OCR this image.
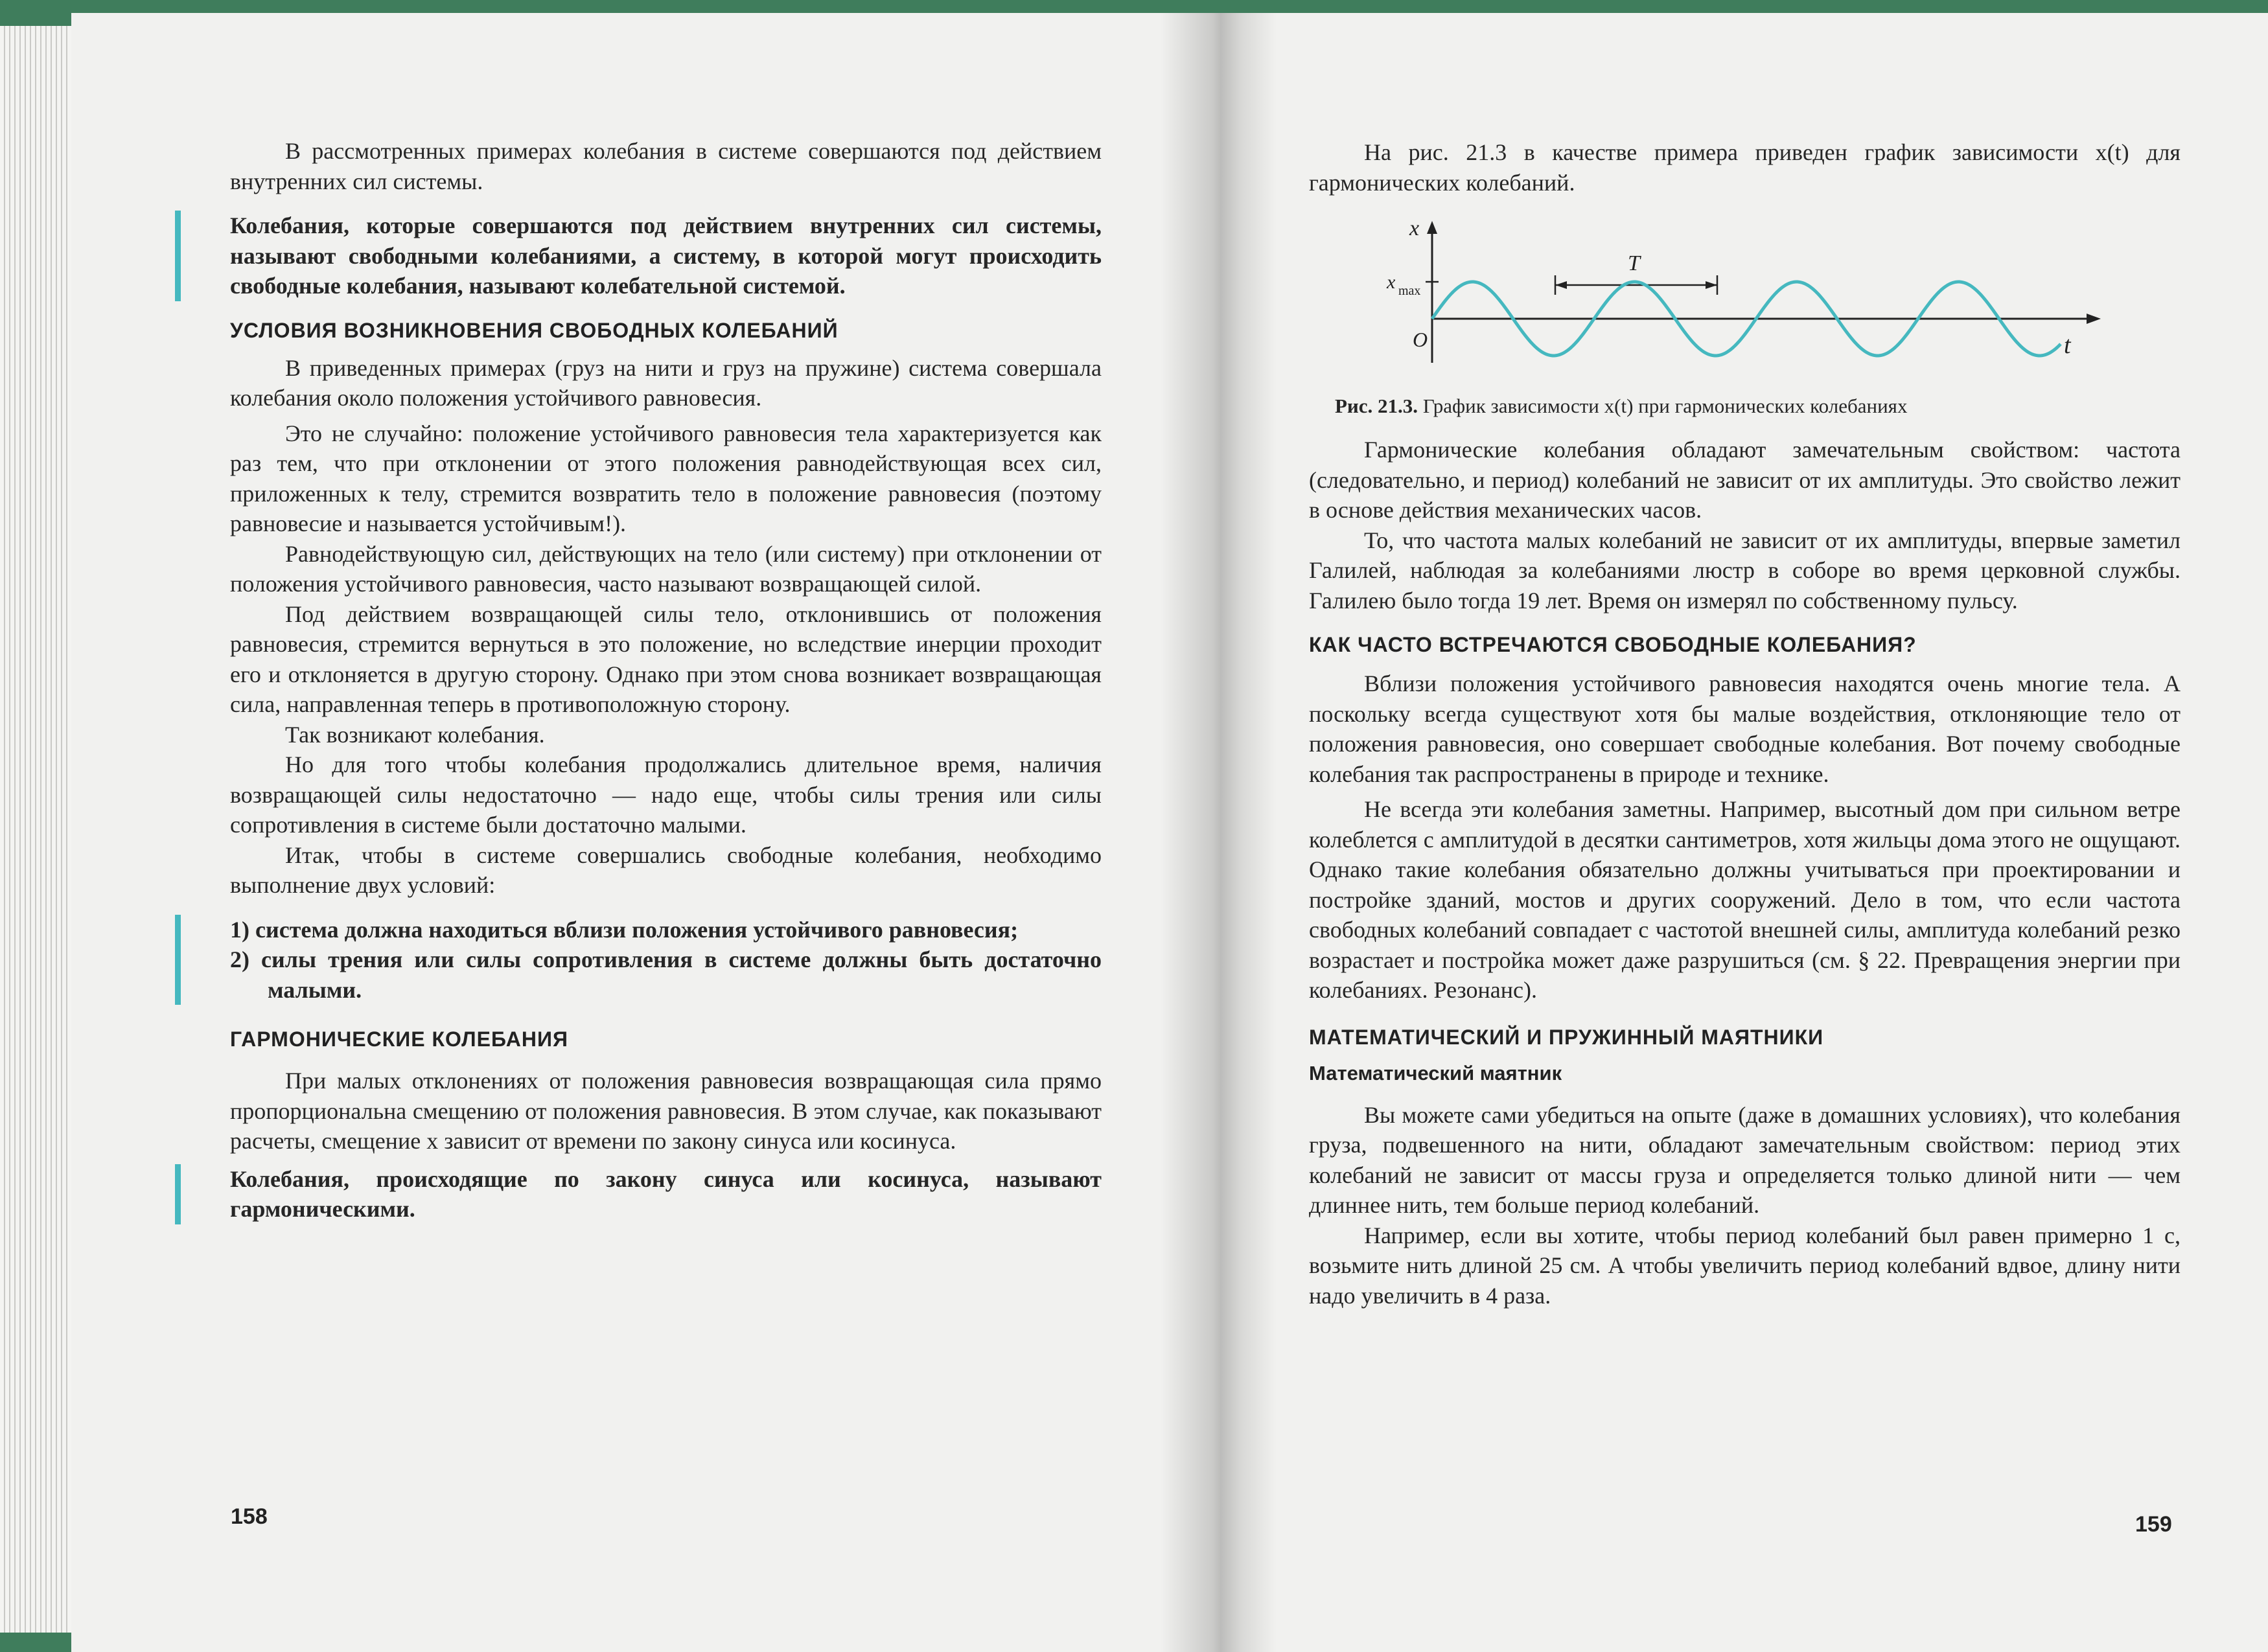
В рассмотренных примерах колебания в системе совершаются под действием внутренних сил системы.

Колебания, которые совершаются под действием внутренних сил системы, называют свободными колебаниями, а систему, в которой могут происходить свободные колебания, называют колебательной системой.

УСЛОВИЯ ВОЗНИКНОВЕНИЯ СВОБОДНЫХ КОЛЕБАНИЙ

В приведенных примерах (груз на нити и груз на пружине) система совершала колебания около положения устойчивого равновесия.

Это не случайно: положение устойчивого равновесия тела характеризуется как раз тем, что при отклонении от этого положения равнодействующая всех сил, приложенных к телу, стремится возвратить тело в положение равновесия (поэтому равновесие и называется устойчивым!).

Равнодействующую сил, действующих на тело (или систему) при отклонении от положения устойчивого равновесия, часто называют возвращающей силой.

Под действием возвращающей силы тело, отклонившись от положения равновесия, стремится вернуться в это положение, но вследствие инерции проходит его и отклоняется в другую сторону. Однако при этом снова возникает возвращающая сила, направленная теперь в противоположную сторону.

Так возникают колебания.

Но для того чтобы колебания продолжались длительное время, наличия возвращающей силы недостаточно — надо еще, чтобы силы трения или силы сопротивления в системе были достаточно малыми.

Итак, чтобы в системе совершались свободные колебания, необходимо выполнение двух условий:

1) система должна находиться вблизи положения устойчивого равновесия;
2) силы трения или силы сопротивления в системе должны быть достаточно малыми.
ГАРМОНИЧЕСКИЕ КОЛЕБАНИЯ

При малых отклонениях от положения равновесия возвращающая сила прямо пропорциональна смещению от положения равновесия. В этом случае, как показывают расчеты, смещение x зависит от времени по закону синуса или косинуса.

Колебания, происходящие по закону синуса или косинуса, называют гармоническими.

158

На рис. 21.3 в качестве примера приведен график зависимости x(t) для гармонических колебаний.

x
t
x max
O
T

Рис. 21.3. График зависимости x(t) при гармонических колебаниях

Гармонические колебания обладают замечательным свойством: частота (следовательно, и период) колебаний не зависит от их амплитуды. Это свойство лежит в основе действия механических часов.

То, что частота малых колебаний не зависит от их амплитуды, впервые заметил Галилей, наблюдая за колебаниями люстр в соборе во время церковной службы. Галилею было тогда 19 лет. Время он измерял по собственному пульсу.

КАК ЧАСТО ВСТРЕЧАЮТСЯ СВОБОДНЫЕ КОЛЕБАНИЯ?

Вблизи положения устойчивого равновесия находятся очень многие тела. А поскольку всегда существуют хотя бы малые воздействия, отклоняющие тело от положения равновесия, оно совершает свободные колебания. Вот почему свободные колебания так распространены в природе и технике.

Не всегда эти колебания заметны. Например, высотный дом при сильном ветре колеблется с амплитудой в десятки сантиметров, хотя жильцы дома этого не ощущают. Однако такие колебания обязательно должны учитываться при проектировании и постройке зданий, мостов и других сооружений. Дело в том, что если частота свободных колебаний совпадает с частотой внешней силы, амплитуда колебаний резко возрастает и постройка может даже разрушиться (см. § 22. Превращения энергии при колебаниях. Резонанс).

МАТЕМАТИЧЕСКИЙ И ПРУЖИННЫЙ МАЯТНИКИ
Математический маятник

Вы можете сами убедиться на опыте (даже в домашних условиях), что колебания груза, подвешенного на нити, обладают замечательным свойством: период этих колебаний не зависит от массы груза и определяется только длиной нити — чем длиннее нить, тем больше период колебаний.

Например, если вы хотите, чтобы период колебаний был равен примерно 1 с, возьмите нить длиной 25 см. А чтобы увеличить период колебаний вдвое, длину нити надо увеличить в 4 раза.

159
